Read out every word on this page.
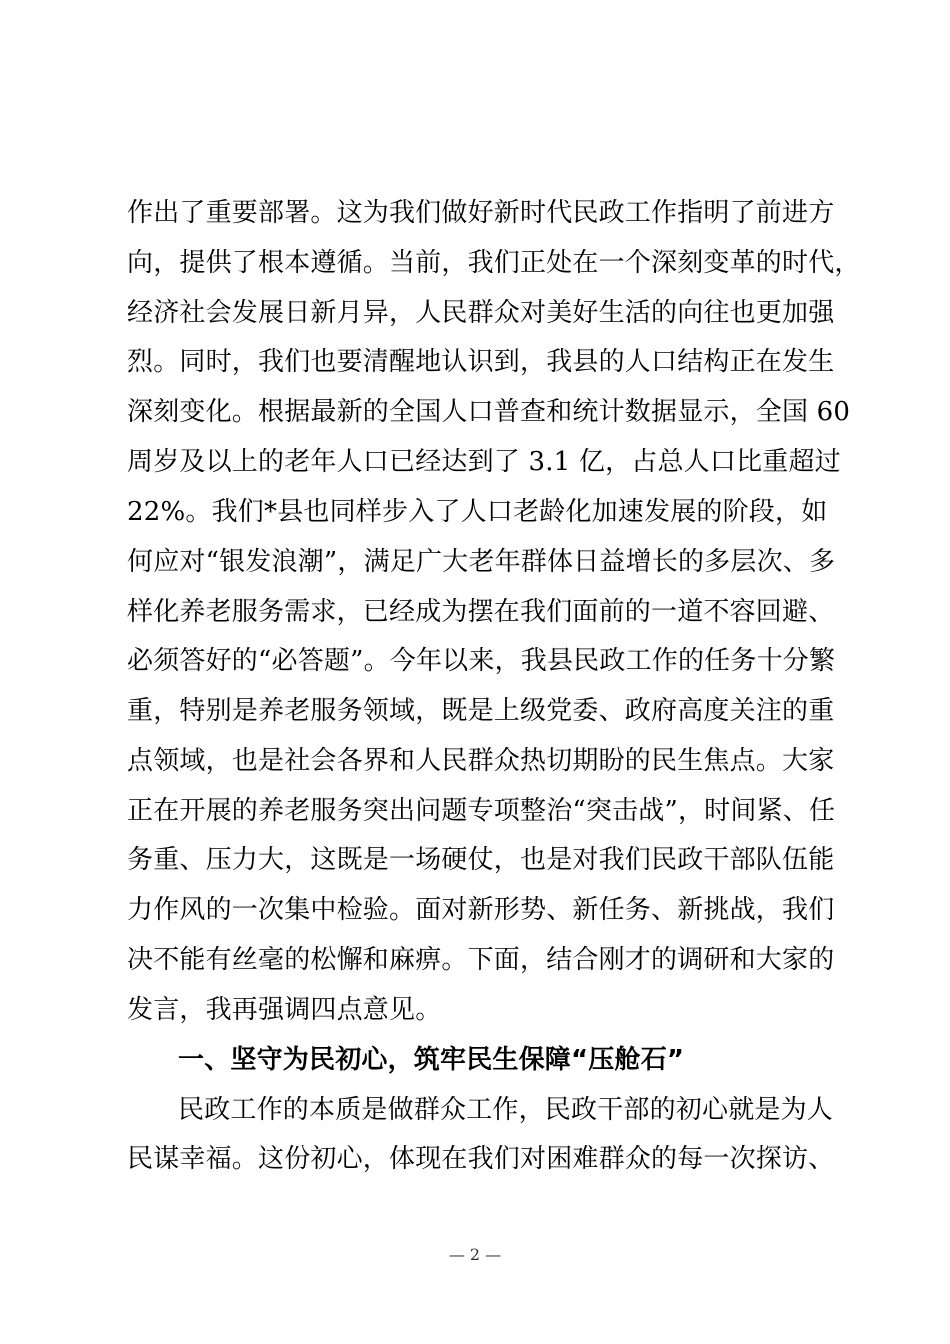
作出了重要部署。这为我们做好新时代民政工作指明了前进方
向，提供了根本遵循。当前，我们正处在一个深刻变革的时代，
经济社会发展日新月异，人民群众对美好生活的向往也更加强
烈。同时，我们也要清醒地认识到，我县的人口结构正在发生
深刻变化。根据最新的全国人口普查和统计数据显示，全国 60
周岁及以上的老年人口已经达到了 3.1 亿，占总人口比重超过
22%。我们*县也同样步入了人口老龄化加速发展的阶段，如
何应对“银发浪潮”，满足广大老年群体日益增长的多层次、多
样化养老服务需求，已经成为摆在我们面前的一道不容回避、
必须答好的“必答题”。今年以来，我县民政工作的任务十分繁
重，特别是养老服务领域，既是上级党委、政府高度关注的重
点领域，也是社会各界和人民群众热切期盼的民生焦点。大家
正在开展的养老服务突出问题专项整治“突击战”，时间紧、任
务重、压力大，这既是一场硬仗，也是对我们民政干部队伍能
力作风的一次集中检验。面对新形势、新任务、新挑战，我们
决不能有丝毫的松懈和麻痹。下面，结合刚才的调研和大家的
发言，我再强调四点意见。
一、坚守为民初心，筑牢民生保障“压舱石”
民政工作的本质是做群众工作，民政干部的初心就是为人
民谋幸福。这份初心，体现在我们对困难群众的每一次探访、
— 2 —
